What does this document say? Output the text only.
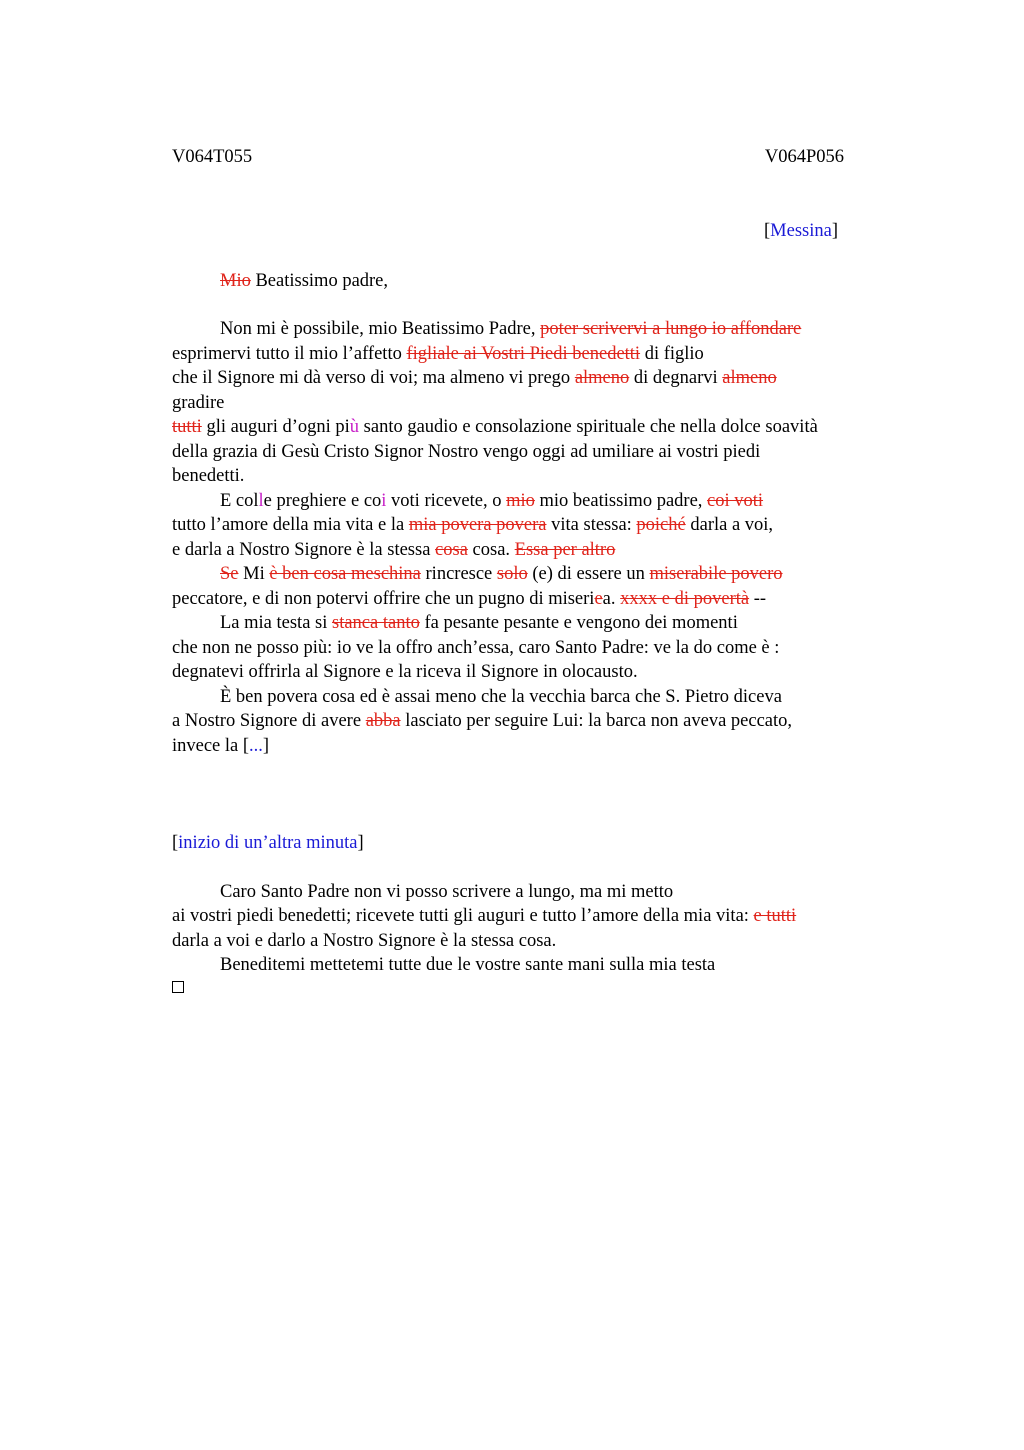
V064T055	V064P056
[Messina]
Mio Beatissimo padre,
Non mi è possibile, mio Beatissimo Padre, poter scrivervi a lungo io affondare
esprimervi tutto il mio l’affetto figliale ai Vostri Piedi benedetti di figlio
che il Signore mi dà verso di voi; ma almeno vi prego almeno di degnarvi almeno
gradire
tutti gli auguri d’ogni più santo gaudio e consolazione spirituale che nella dolce soavità
della grazia di Gesù Cristo Signor Nostro vengo oggi ad umiliare ai vostri piedi
benedetti.
E colle preghiere e coi voti ricevete, o mio mio beatissimo padre, coi voti
tutto l’amore della mia vita e la mia povera povera vita stessa: poiché darla a voi,
e darla a Nostro Signore è la stessa cosa cosa. Essa per altro
Se Mi è ben cosa meschina rincresce solo (e) di essere un miserabile povero
peccatore, e di non potervi offrire che un pugno di miseriea. xxxx e di povertà --
La mia testa si stanca tanto fa pesante pesante e vengono dei momenti
che non ne posso più: io ve la offro anch’essa, caro Santo Padre: ve la do come è :
degnatevi offrirla al Signore e la riceva il Signore in olocausto.
È ben povera cosa ed è assai meno che la vecchia barca che S. Pietro diceva
a Nostro Signore di avere abba lasciato per seguire Lui: la barca non aveva peccato,
invece la [...]
[inizio di un’altra minuta]
Caro Santo Padre non vi posso scrivere a lungo, ma mi metto
ai vostri piedi benedetti; ricevete tutti gli auguri e tutto l’amore della mia vita: e tutti
darla a voi e darlo a Nostro Signore è la stessa cosa.
Beneditemi mettetemi tutte due le vostre sante mani sulla mia testa
